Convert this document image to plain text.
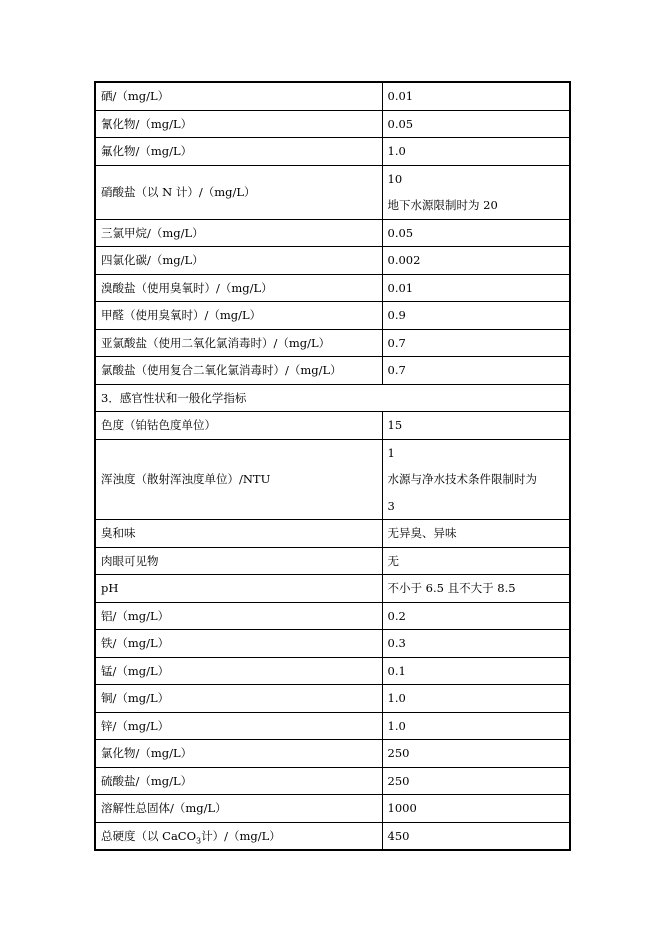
硒/（mg/L）	0.01

氰化物/（mg/L）	0.05

氟化物/（mg/L）	1.0

硝酸盐（以 N 计）/（mg/L）	10
地下水源限制时为 20

三氯甲烷/（mg/L）	0.05

四氯化碳/（mg/L）	0.002

溴酸盐（使用臭氧时）/（mg/L）	0.01

甲醛（使用臭氧时）/（mg/L）	0.9

亚氯酸盐（使用二氧化氯消毒时）/（mg/L）	0.7

氯酸盐（使用复合二氧化氯消毒时）/（mg/L）	0.7

3．感官性状和一般化学指标	
色度（铂钴色度单位）	15

浑浊度（散射浑浊度单位）/NTU	1
水源与净水技术条件限制时为
3

臭和味	无异臭、异味

肉眼可见物	无

pH	不小于 6.5 且不大于 8.5

铝/（mg/L）	0.2

铁/（mg/L）	0.3

锰/（mg/L）	0.1

铜/（mg/L）	1.0

锌/（mg/L）	1.0

氯化物/（mg/L）	250

硫酸盐/（mg/L）	250

溶解性总固体/（mg/L）	1000

总硬度（以 CaCO$_3$计）/（mg/L）	450
